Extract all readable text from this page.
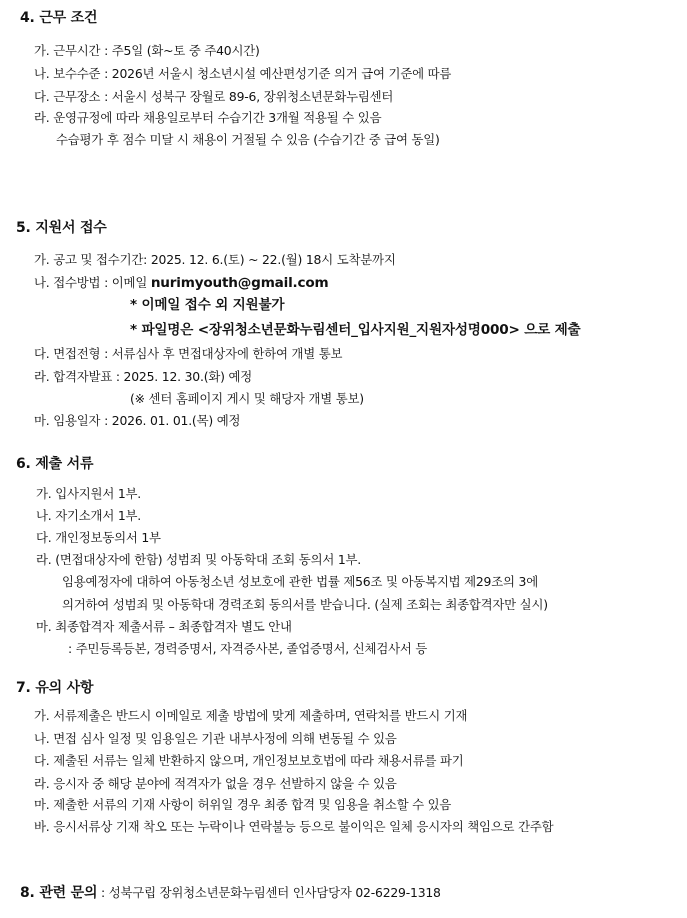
4. 근무 조건
가. 근무시간 : 주5일 (화~토 중 주40시간)
나. 보수수준 : 2026년 서울시 청소년시설 예산편성기준 의거 급여 기준에 따름
다. 근무장소 : 서울시 성북구 장월로 89-6, 장위청소년문화누림센터
라. 운영규정에 따라 채용일로부터 수습기간 3개월 적용될 수 있음
수습평가 후 점수 미달 시 채용이 거절될 수 있음 (수습기간 중 급여 동일)
5. 지원서 접수
가. 공고 및 접수기간: 2025. 12. 6.(토) ~ 22.(월) 18시 도착분까지
나. 접수방법 : 이메일 nurimyouth@gmail.com
* 이메일 접수 외 지원불가
* 파일명은 <장위청소년문화누림센터_입사지원_지원자성명000> 으로 제출
다. 면접전형 : 서류심사 후 면접대상자에 한하여 개별 통보
라. 합격자발표 : 2025. 12. 30.(화) 예정
(※ 센터 홈페이지 게시 및 해당자 개별 통보)
마. 임용일자 : 2026. 01. 01.(목) 예정
6. 제출 서류
가. 입사지원서 1부.
나. 자기소개서 1부.
다. 개인정보동의서 1부
라. (면접대상자에 한함) 성범죄 및 아동학대 조회 동의서 1부.
임용예정자에 대하여 아동청소년 성보호에 관한 법률 제56조 및 아동복지법 제29조의 3에
의거하여 성범죄 및 아동학대 경력조회 동의서를 받습니다. (실제 조회는 최종합격자만 실시)
마. 최종합격자 제출서류 – 최종합격자 별도 안내
: 주민등록등본, 경력증명서, 자격증사본, 졸업증명서, 신체검사서 등
7. 유의 사항
가. 서류제출은 반드시 이메일로 제출 방법에 맞게 제출하며, 연락처를 반드시 기재
나. 면접 심사 일정 및 임용일은 기관 내부사정에 의해 변동될 수 있음
다. 제출된 서류는 일체 반환하지 않으며, 개인정보보호법에 따라 채용서류를 파기
라. 응시자 중 해당 분야에 적격자가 없을 경우 선발하지 않을 수 있음
마. 제출한 서류의 기재 사항이 허위일 경우 최종 합격 및 임용을 취소할 수 있음
바. 응시서류상 기재 착오 또는 누락이나 연락불능 등으로 불이익은 일체 응시자의 책임으로 간주함
8. 관련 문의 : 성북구립 장위청소년문화누림센터 인사담당자 02-6229-1318
